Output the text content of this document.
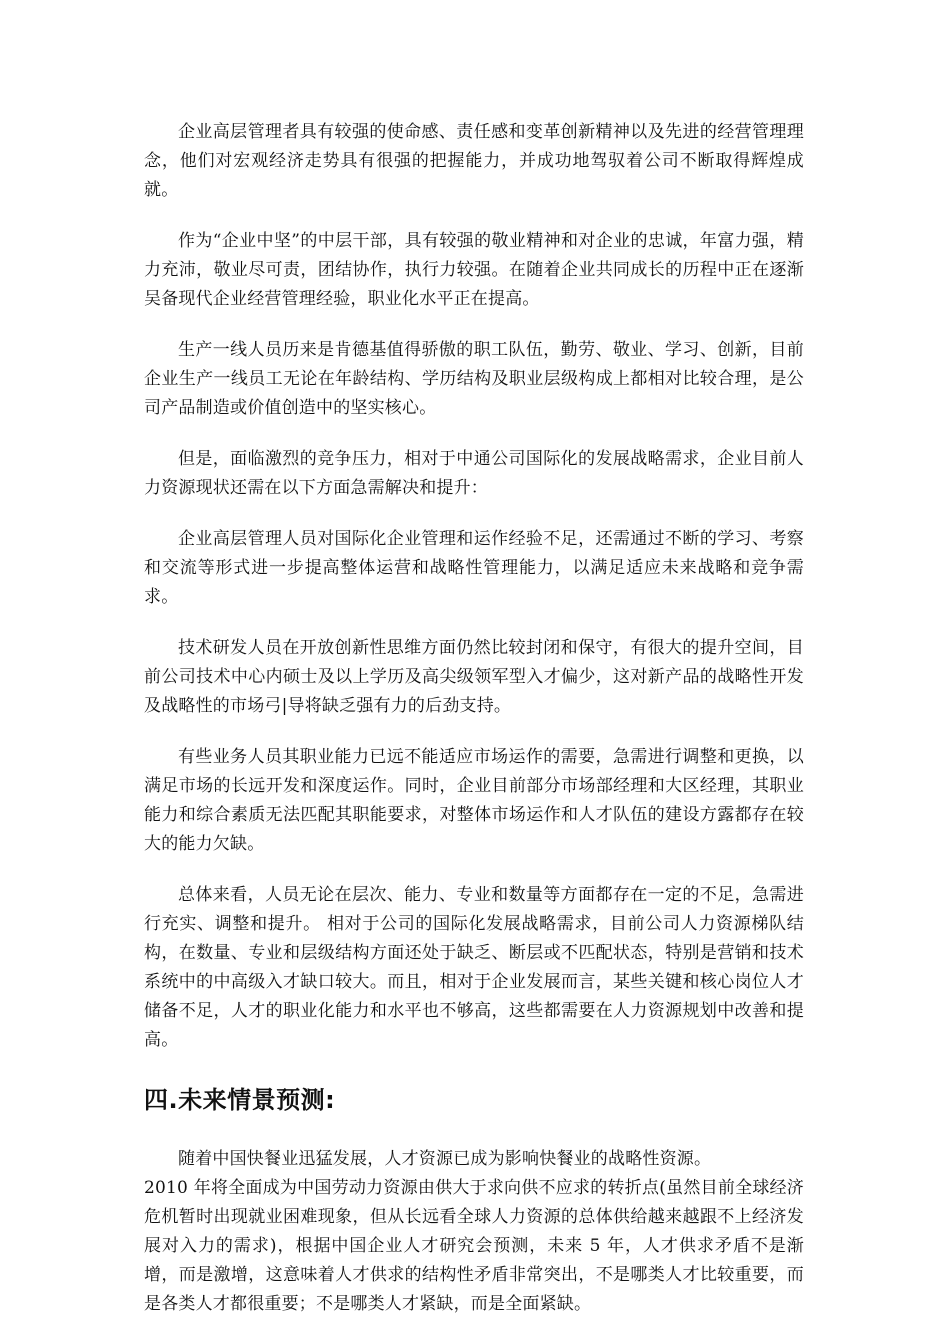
企业高层管理者具有较强的使命感、责任感和变革创新精神以及先进的经营管理理念，他们对宏观经济走势具有很强的把握能力，并成功地驾驭着公司不断取得辉煌成就。

作为“企业中坚”的中层干部，具有较强的敬业精神和对企业的忠诚，年富力强，精力充沛，敬业尽可责，团结协作，执行力较强。在随着企业共同成长的历程中正在逐渐吴备现代企业经营管理经验，职业化水平正在提高。

生产一线人员历来是肯德基值得骄傲的职工队伍，勤劳、敬业、学习、创新，目前企业生产一线员工无论在年龄结构、学历结构及职业层级构成上都相对比较合理，是公司产品制造或价值创造中的坚实核心。

但是，面临激烈的竞争压力，相对于中通公司国际化的发展战略需求，企业目前人力资源现状还需在以下方面急需解决和提升：

企业高层管理人员对国际化企业管理和运作经验不足，还需通过不断的学习、考察和交流等形式进一步提高整体运营和战略性管理能力，以满足适应未来战略和竞争需求。

技术研发人员在开放创新性思维方面仍然比较封闭和保守，有很大的提升空间，目前公司技术中心内硕士及以上学历及高尖级领军型入才偏少，这对新产品的战略性开发及战略性的市场弓|导将缺乏强有力的后劲支持。

有些业务人员其职业能力已远不能适应市场运作的需要，急需进行调整和更换，以满足市场的长远开发和深度运作。同时，企业目前部分市场部经理和大区经理，其职业能力和综合素质无法匹配其职能要求，对整体市场运作和人才队伍的建设方露都存在较大的能力欠缺。

总体来看，人员无论在层次、能力、专业和数量等方面都存在一定的不足，急需进行充实、调整和提升。 相对于公司的国际化发展战略需求，目前公司人力资源梯队结构，在数量、专业和层级结构方面还处于缺乏、断层或不匹配状态，特别是营销和技术系统中的中高级入才缺口较大。而且，相对于企业发展而言，某些关键和核心岗位人才储备不足，人才的职业化能力和水平也不够高，这些都需要在人力资源规划中改善和提高。

四.未来情景预测:

随着中国快餐业迅猛发展，人才资源已成为影响快餐业的战略性资源。

2010 年将全面成为中国劳动力资源由供大于求向供不应求的转折点(虽然目前全球经济危机暂时出现就业困难现象，但从长远看全球人力资源的总体供给越来越跟不上经济发展对入力的需求)，根据中国企业人才研究会预测，未来 5 年，人才供求矛盾不是渐增，而是激增，这意味着人才供求的结构性矛盾非常突出，不是哪类人才比较重要，而是各类人才都很重要；不是哪类人才紧缺，而是全面紧缺。
